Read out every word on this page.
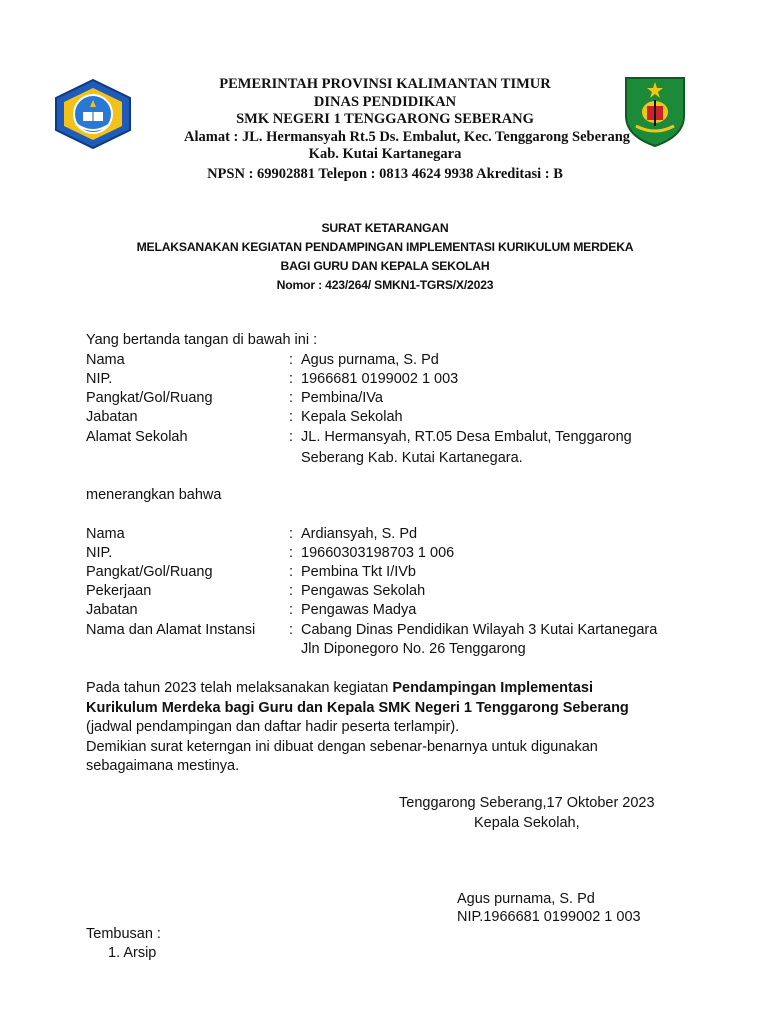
PEMERINTAH PROVINSI KALIMANTAN TIMUR
DINAS PENDIDIKAN
SMK NEGERI 1 TENGGARONG SEBERANG
Alamat : JL. Hermansyah Rt.5 Ds. Embalut, Kec. Tenggarong Seberang
Kab. Kutai Kartanegara
NPSN : 69902881 Telepon : 0813 4624 9938 Akreditasi : B
SURAT KETARANGAN
MELAKSANAKAN KEGIATAN PENDAMPINGAN IMPLEMENTASI KURIKULUM MERDEKA
BAGI GURU DAN KEPALA SEKOLAH
Nomor : 423/264/ SMKN1-TGRS/X/2023
Yang bertanda tangan di bawah ini :
Nama	: Agus purnama, S. Pd
NIP.	: 1966681 0199002 1 003
Pangkat/Gol/Ruang	: Pembina/IVa
Jabatan	: Kepala Sekolah
Alamat Sekolah	: JL. Hermansyah, RT.05 Desa Embalut, Tenggarong
Seberang Kab. Kutai Kartanegara.
menerangkan bahwa
Nama	: Ardiansyah, S. Pd
NIP.	: 19660303198703 1 006
Pangkat/Gol/Ruang	: Pembina Tkt I/IVb
Pekerjaan	: Pengawas Sekolah
Jabatan	: Pengawas Madya
Nama dan Alamat Instansi : Cabang Dinas Pendidikan Wilayah 3 Kutai Kartanegara
Jln Diponegoro No. 26 Tenggarong
Pada tahun 2023 telah melaksanakan kegiatan Pendampingan Implementasi
Kurikulum Merdeka bagi Guru dan Kepala SMK Negeri 1 Tenggarong Seberang
(jadwal pendampingan dan daftar hadir peserta terlampir).
Demikian surat keterngan ini dibuat dengan sebenar-benarnya untuk digunakan
sebagaimana mestinya.
Tenggarong Seberang,17 Oktober 2023
Kepala Sekolah,
Agus purnama, S. Pd
NIP.1966681 0199002 1 003
Tembusan :
1. Arsip
